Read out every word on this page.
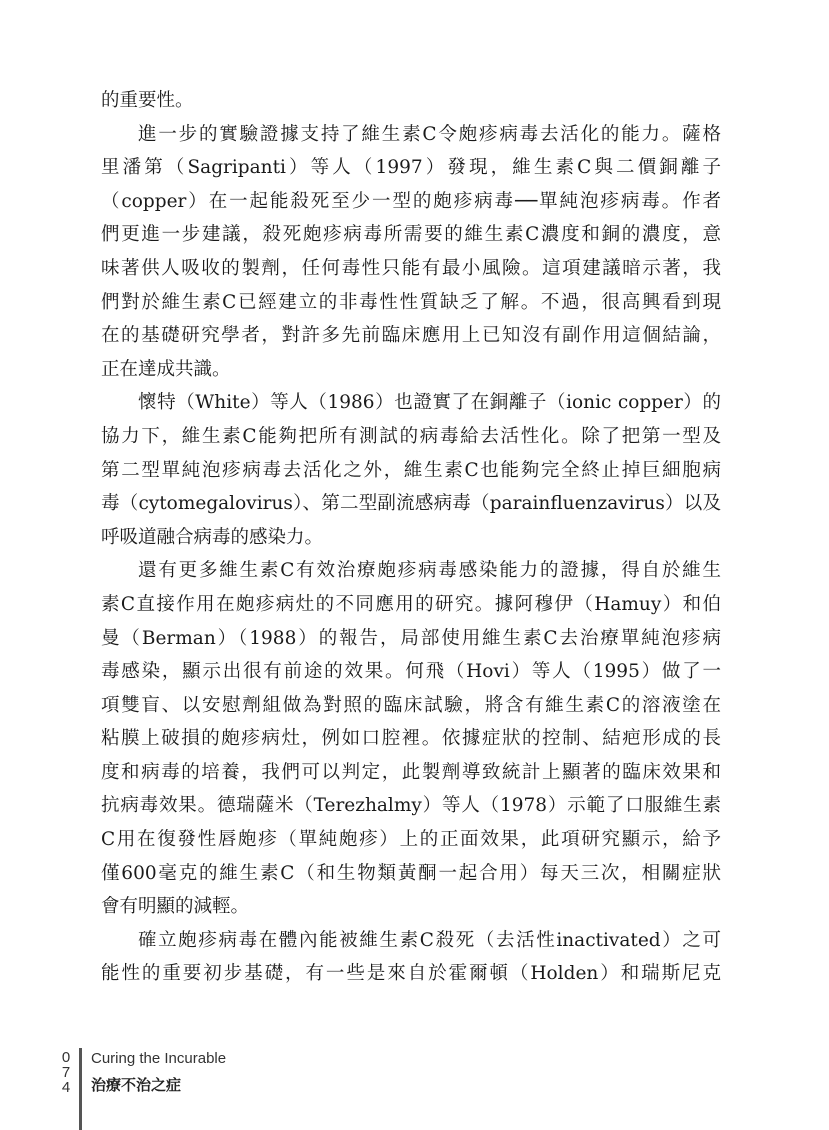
的重要性。
進一步的實驗證據支持了維生素C令皰疹病毒去活化的能力。薩格
里潘第（Sagripanti）等人（1997）發現，維生素C與二價銅離子
（copper）在一起能殺死至少一型的皰疹病毒──單純泡疹病毒。作者
們更進一步建議，殺死皰疹病毒所需要的維生素C濃度和銅的濃度，意
味著供人吸收的製劑，任何毒性只能有最小風險。這項建議暗示著，我
們對於維生素C已經建立的非毒性性質缺乏了解。不過，很高興看到現
在的基礎研究學者，對許多先前臨床應用上已知沒有副作用這個結論，
正在達成共識。
懷特（White）等人（1986）也證實了在銅離子（ionic copper）的
協力下，維生素C能夠把所有測試的病毒給去活性化。除了把第一型及
第二型單純泡疹病毒去活化之外，維生素C也能夠完全終止掉巨細胞病
毒（cytomegalovirus）、第二型副流感病毒（parainfluenzavirus）以及
呼吸道融合病毒的感染力。
還有更多維生素C有效治療皰疹病毒感染能力的證據，得自於維生
素C直接作用在皰疹病灶的不同應用的研究。據阿穆伊（Hamuy）和伯
曼（Berman）（1988）的報告，局部使用維生素C去治療單純泡疹病
毒感染，顯示出很有前途的效果。何飛（Hovi）等人（1995）做了一
項雙盲、以安慰劑組做為對照的臨床試驗，將含有維生素C的溶液塗在
粘膜上破損的皰疹病灶，例如口腔裡。依據症狀的控制、結疤形成的長
度和病毒的培養，我們可以判定，此製劑導致統計上顯著的臨床效果和
抗病毒效果。德瑞薩米（Terezhalmy）等人（1978）示範了口服維生素
C用在復發性唇皰疹（單純皰疹）上的正面效果，此項研究顯示，給予
僅600毫克的維生素C（和生物類黃酮一起合用）每天三次，相關症狀
會有明顯的減輕。
確立皰疹病毒在體內能被維生素C殺死（去活性inactivated）之可
能性的重要初步基礎，有一些是來自於霍爾頓（Holden）和瑞斯尼克
0
7
4
Curing the Incurable
治療不治之症
